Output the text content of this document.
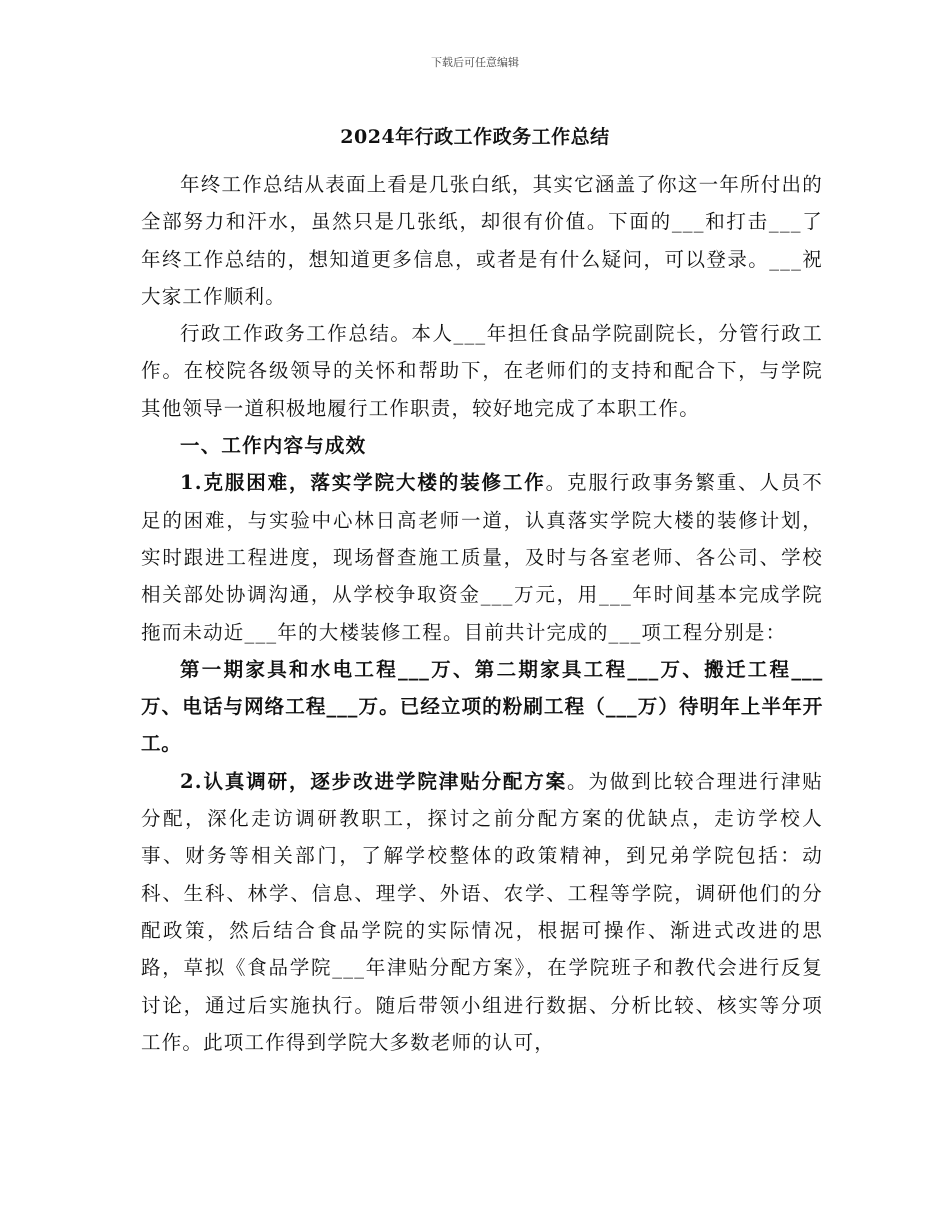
下载后可任意编辑
2024年行政工作政务工作总结

年终工作总结从表面上看是几张白纸，其实它涵盖了你这一年所付出的全部努力和汗水，虽然只是几张纸，却很有价值。下面的___和打击___了年终工作总结的，想知道更多信息，或者是有什么疑问，可以登录。___祝大家工作顺利。

行政工作政务工作总结。本人___年担任食品学院副院长，分管行政工作。在校院各级领导的关怀和帮助下，在老师们的支持和配合下，与学院其他领导一道积极地履行工作职责，较好地完成了本职工作。

一、工作内容与成效

1.克服困难，落实学院大楼的装修工作。克服行政事务繁重、人员不足的困难，与实验中心林日高老师一道，认真落实学院大楼的装修计划，实时跟进工程进度，现场督查施工质量，及时与各室老师、各公司、学校相关部处协调沟通，从学校争取资金___万元，用___年时间基本完成学院拖而未动近___年的大楼装修工程。目前共计完成的___项工程分别是：

第一期家具和水电工程___万、第二期家具工程___万、搬迁工程___万、电话与网络工程___万。已经立项的粉刷工程（___万）待明年上半年开工。

2.认真调研，逐步改进学院津贴分配方案。为做到比较合理进行津贴分配，深化走访调研教职工，探讨之前分配方案的优缺点，走访学校人事、财务等相关部门，了解学校整体的政策精神，到兄弟学院包括：动科、生科、林学、信息、理学、外语、农学、工程等学院，调研他们的分配政策，然后结合食品学院的实际情况，根据可操作、渐进式改进的思路，草拟《食品学院___年津贴分配方案》，在学院班子和教代会进行反复讨论，通过后实施执行。随后带领小组进行数据、分析比较、核实等分项工作。此项工作得到学院大多数老师的认可，
